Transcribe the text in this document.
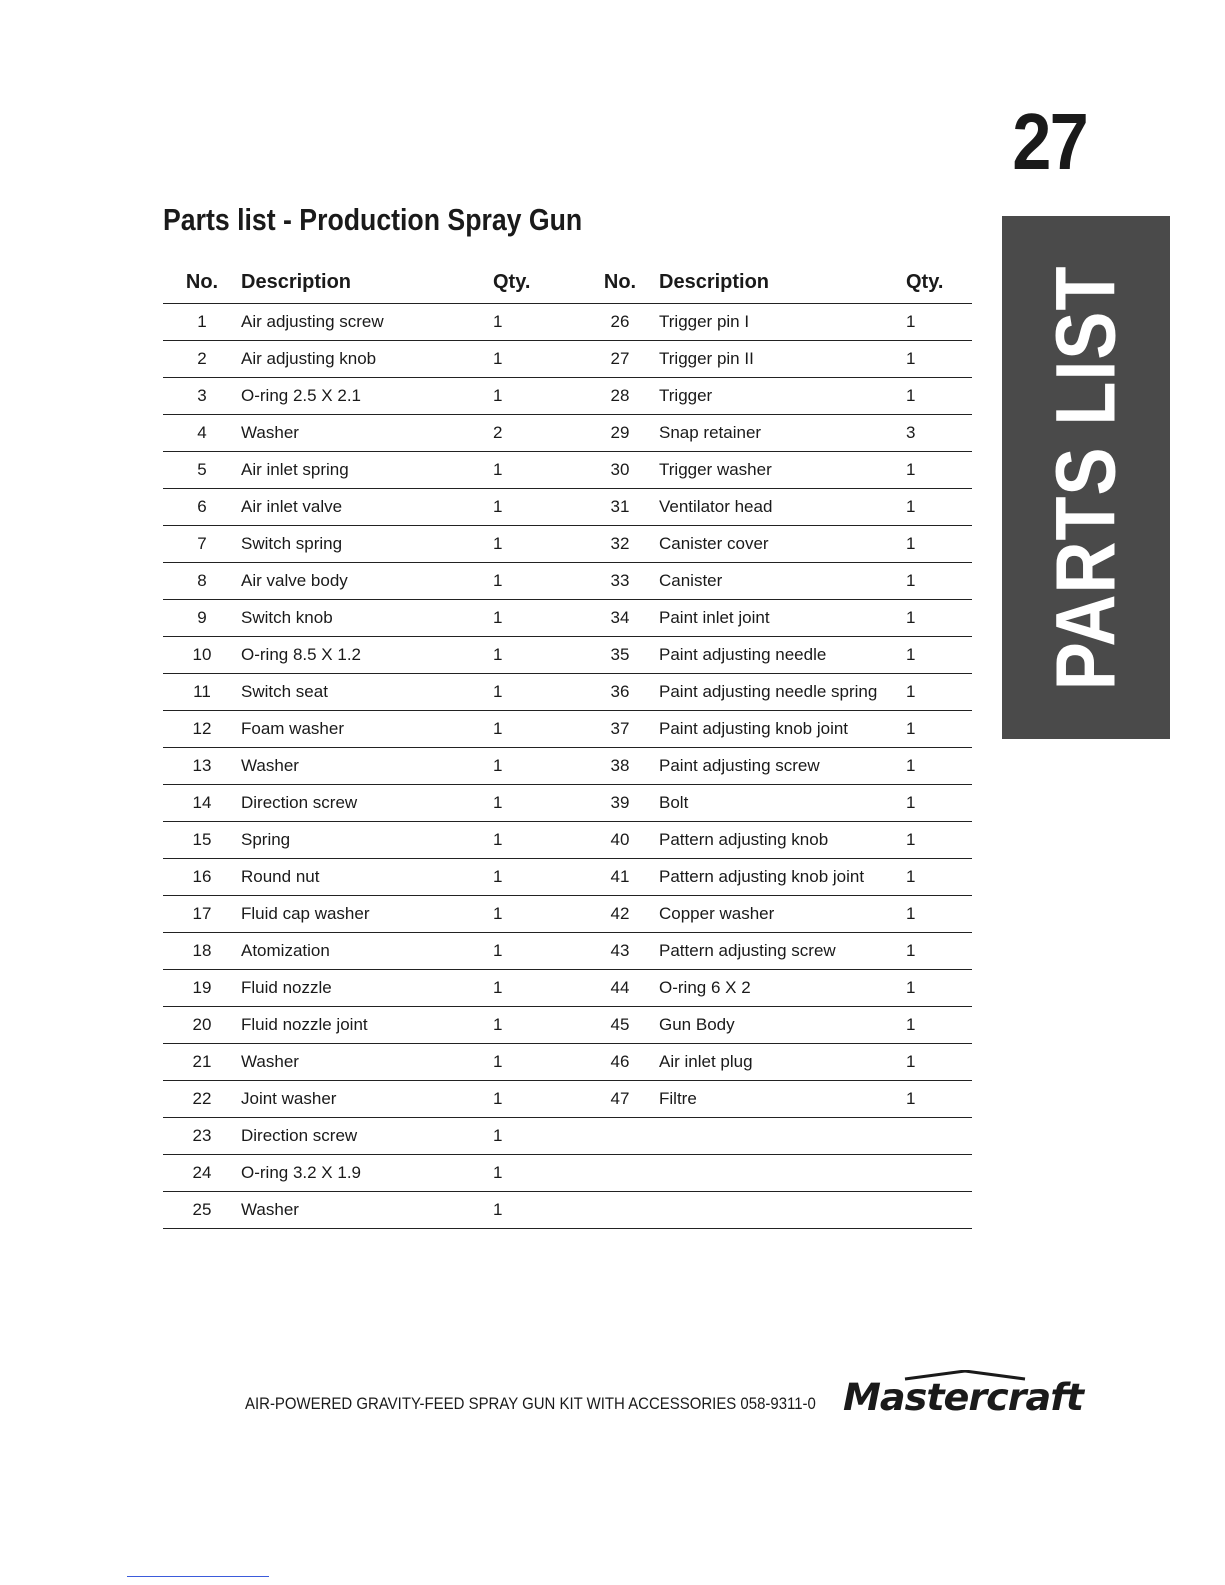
27
PARTS LIST
Parts list - Production Spray Gun
No.	Description	Qty.	No.	Description	Qty.
1	Air adjusting screw	1	26	Trigger pin I	1
2	Air adjusting knob	1	27	Trigger pin II	1
3	O-ring 2.5 X 2.1	1	28	Trigger	1
4	Washer	2	29	Snap retainer	3
5	Air inlet spring	1	30	Trigger washer	1
6	Air inlet valve	1	31	Ventilator head	1
7	Switch spring	1	32	Canister cover	1
8	Air valve body	1	33	Canister	1
9	Switch knob	1	34	Paint inlet joint	1
10	O-ring 8.5 X 1.2	1	35	Paint adjusting needle	1
11	Switch seat	1	36	Paint adjusting needle spring	1
12	Foam washer	1	37	Paint adjusting knob joint	1
13	Washer	1	38	Paint adjusting screw	1
14	Direction screw	1	39	Bolt	1
15	Spring	1	40	Pattern adjusting knob	1
16	Round nut	1	41	Pattern adjusting knob joint	1
17	Fluid cap washer	1	42	Copper washer	1
18	Atomization	1	43	Pattern adjusting screw	1
19	Fluid nozzle	1	44	O-ring 6 X 2	1
20	Fluid nozzle joint	1	45	Gun Body	1
21	Washer	1	46	Air inlet plug	1
22	Joint washer	1	47	Filtre	1
23	Direction screw	1			
24	O-ring 3.2 X 1.9	1			
25	Washer	1			
AIR-POWERED GRAVITY-FEED SPRAY GUN KIT WITH ACCESSORIES 058-9311-0 Mastercraft
